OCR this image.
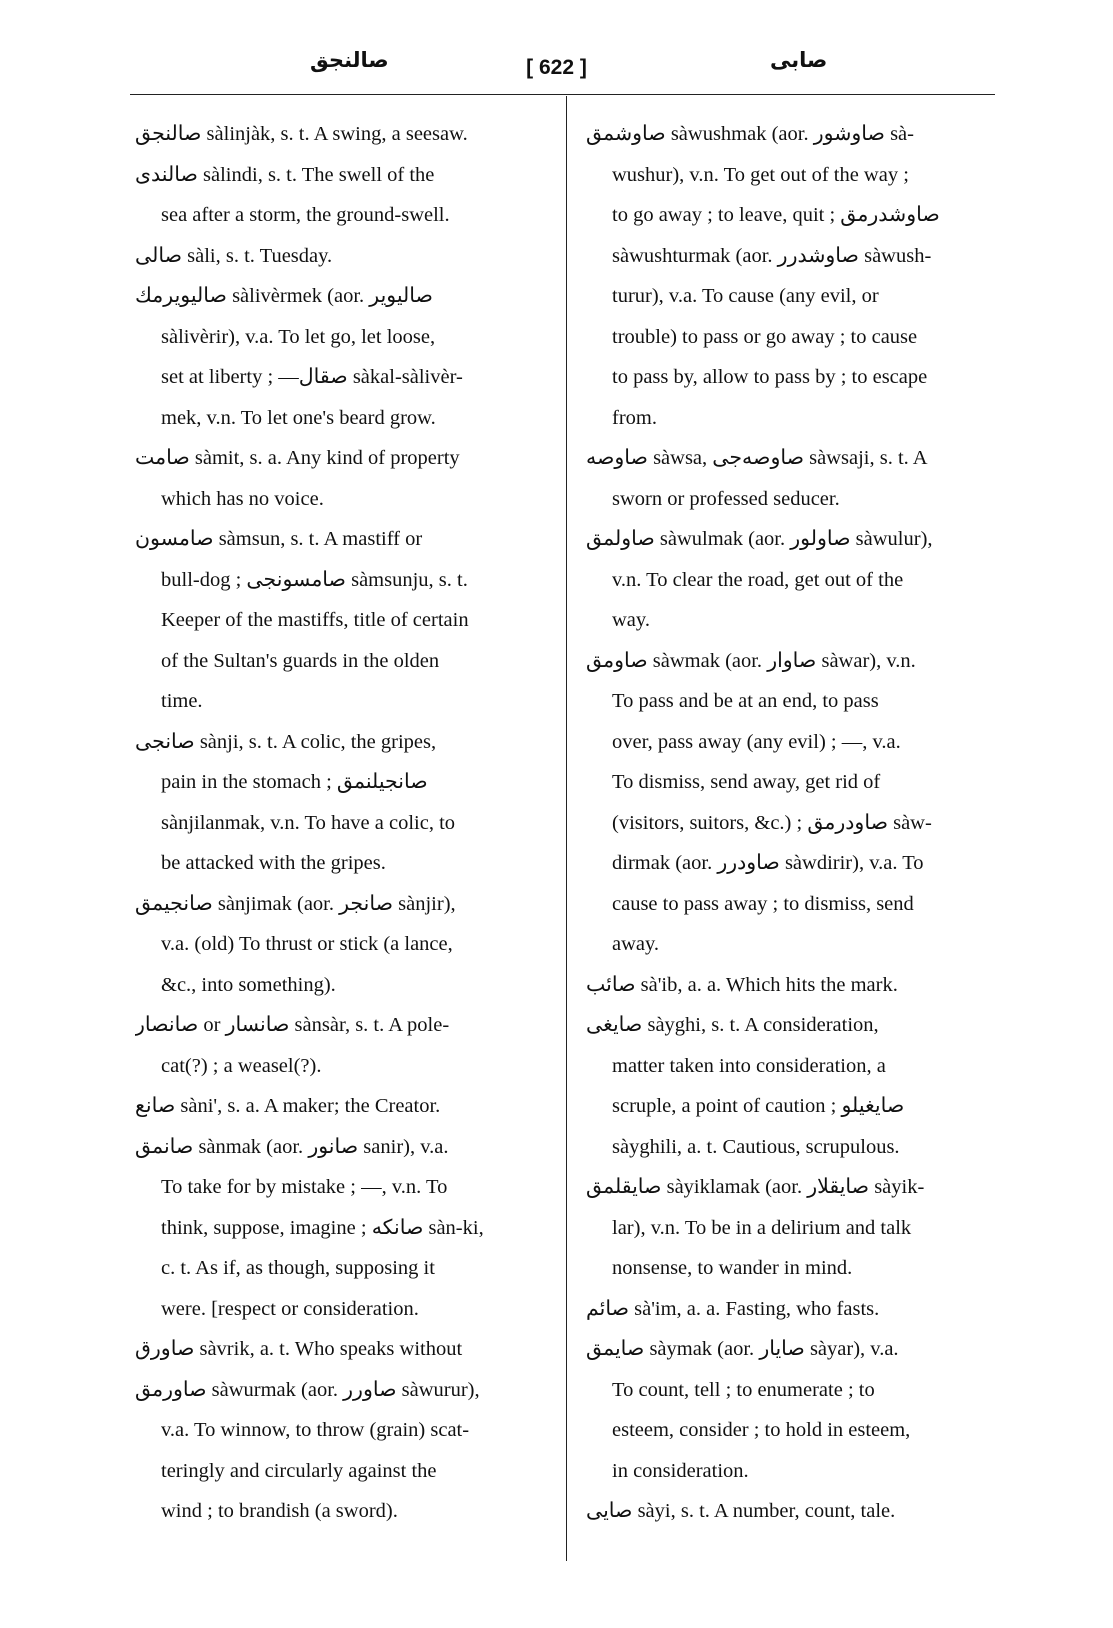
صالنجق	[ 622 ]	صابی
صالنجق sàlinjàk, s. t. A swing, a seesaw.
صالندی sàlindi, s. t. The swell of the
sea after a storm, the ground-swell.
صالی sàli, s. t. Tuesday.
صالیویرمك sàlivèrmek (aor. صالیویر
sàlivèrir), v.a. To let go, let loose,
set at liberty ; —صقال sàkal-sàlivèr-
mek, v.n. To let one's beard grow.
صامت sàmit, s. a. Any kind of property
which has no voice.
صامسون sàmsun, s. t. A mastiff or
bull-dog ; صامسونجی sàmsunju, s. t.
Keeper of the mastiffs, title of certain
of the Sultan's guards in the olden
time.
صانجی sànji, s. t. A colic, the gripes,
pain in the stomach ; صانجیلنمق
sànjilanmak, v.n. To have a colic, to
be attacked with the gripes.
صانجیمق sànjimak (aor. صانجر sànjir),
v.a. (old) To thrust or stick (a lance,
&c., into something).
صانصار or صانسار sànsàr, s. t. A pole-
cat(?) ; a weasel(?).
صانع sàni', s. a. A maker; the Creator.
صانمق sànmak (aor. صانور sanir), v.a.
To take for by mistake ; —, v.n. To
think, suppose, imagine ; صانكه sàn-ki,
c. t. As if, as though, supposing it
were. [respect or consideration.
صاورق sàvrik, a. t. Who speaks without
صاورمق sàwurmak (aor. صاورر sàwurur),
v.a. To winnow, to throw (grain) scat-
teringly and circularly against the
wind ; to brandish (a sword).
صاوشمق sàwushmak (aor. صاوشور sà-
wushur), v.n. To get out of the way ;
to go away ; to leave, quit ; صاوشدرمق
sàwushturmak (aor. صاوشدرر sàwush-
turur), v.a. To cause (any evil, or
trouble) to pass or go away ; to cause
to pass by, allow to pass by ; to escape
from.
صاوصه sàwsa, صاوصه‌جی sàwsaji, s. t. A
sworn or professed seducer.
صاولمق sàwulmak (aor. صاولور sàwulur),
v.n. To clear the road, get out of the
way.
صاومق sàwmak (aor. صاوار sàwar), v.n.
To pass and be at an end, to pass
over, pass away (any evil) ; —, v.a.
To dismiss, send away, get rid of
(visitors, suitors, &c.) ; صاودرمق sàw-
dirmak (aor. صاودرر sàwdirir), v.a. To
cause to pass away ; to dismiss, send
away.
صائب sà'ib, a. a. Which hits the mark.
صایغی sàyghi, s. t. A consideration,
matter taken into consideration, a
scruple, a point of caution ; صایغیلو
sàyghili, a. t. Cautious, scrupulous.
صایقلمق sàyiklamak (aor. صایقلار sàyik-
lar), v.n. To be in a delirium and talk
nonsense, to wander in mind.
صائم sà'im, a. a. Fasting, who fasts.
صایمق sàymak (aor. صایار sàyar), v.a.
To count, tell ; to enumerate ; to
esteem, consider ; to hold in esteem,
in consideration.
صایی sàyi, s. t. A number, count, tale.
